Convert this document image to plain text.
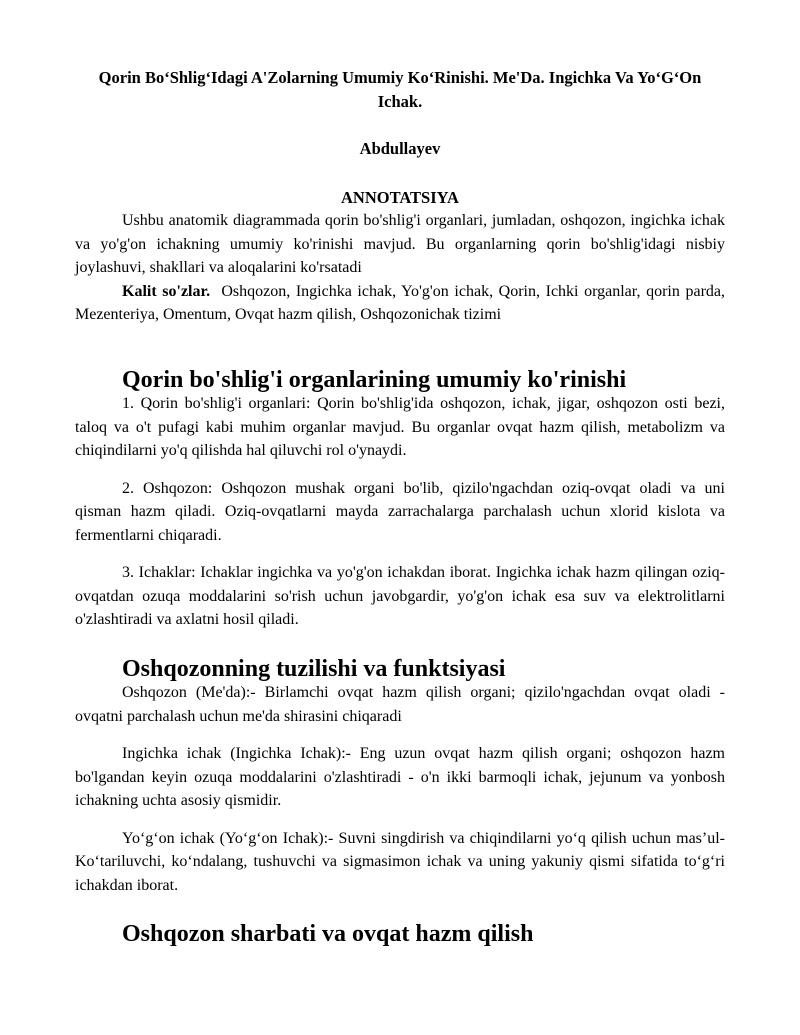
Qorin Bo‘Shlig‘Idagi A'Zolarning Umumiy Ko‘Rinishi. Me'Da. Ingichka Va Yo‘G‘On Ichak.
Abdullayev
ANNOTATSIYA

Ushbu anatomik diagrammada qorin bo'shlig'i organlari, jumladan, oshqozon, ingichka ichak va yo'g'on ichakning umumiy ko'rinishi mavjud. Bu organlarning qorin bo'shlig'idagi nisbiy joylashuvi, shakllari va aloqalarini ko'rsatadi

Kalit so'zlar. Oshqozon, Ingichka ichak, Yo'g'on ichak, Qorin, Ichki organlar, qorin parda, Mezenteriya, Omentum, Ovqat hazm qilish, Oshqozonichak tizimi

Qorin bo'shlig'i organlarining umumiy ko'rinishi

1. Qorin bo'shlig'i organlari: Qorin bo'shlig'ida oshqozon, ichak, jigar, oshqozon osti bezi, taloq va o't pufagi kabi muhim organlar mavjud. Bu organlar ovqat hazm qilish, metabolizm va chiqindilarni yo'q qilishda hal qiluvchi rol o'ynaydi.

2. Oshqozon: Oshqozon mushak organi bo'lib, qizilo'ngachdan oziq-ovqat oladi va uni qisman hazm qiladi. Oziq-ovqatlarni mayda zarrachalarga parchalash uchun xlorid kislota va fermentlarni chiqaradi.

3. Ichaklar: Ichaklar ingichka va yo'g'on ichakdan iborat. Ingichka ichak hazm qilingan oziq-ovqatdan ozuqa moddalarini so'rish uchun javobgardir, yo'g'on ichak esa suv va elektrolitlarni o'zlashtiradi va axlatni hosil qiladi.

Oshqozonning tuzilishi va funktsiyasi

Oshqozon (Me'da):- Birlamchi ovqat hazm qilish organi; qizilo'ngachdan ovqat oladi - ovqatni parchalash uchun me'da shirasini chiqaradi

Ingichka ichak (Ingichka Ichak):- Eng uzun ovqat hazm qilish organi; oshqozon hazm bo'lgandan keyin ozuqa moddalarini o'zlashtiradi - o'n ikki barmoqli ichak, jejunum va yonbosh ichakning uchta asosiy qismidir.

Yo‘g‘on ichak (Yo‘g‘on Ichak):- Suvni singdirish va chiqindilarni yo‘q qilish uchun mas’ul- Ko‘tariluvchi, ko‘ndalang, tushuvchi va sigmasimon ichak va uning yakuniy qismi sifatida to‘g‘ri ichakdan iborat.

Oshqozon sharbati va ovqat hazm qilish
